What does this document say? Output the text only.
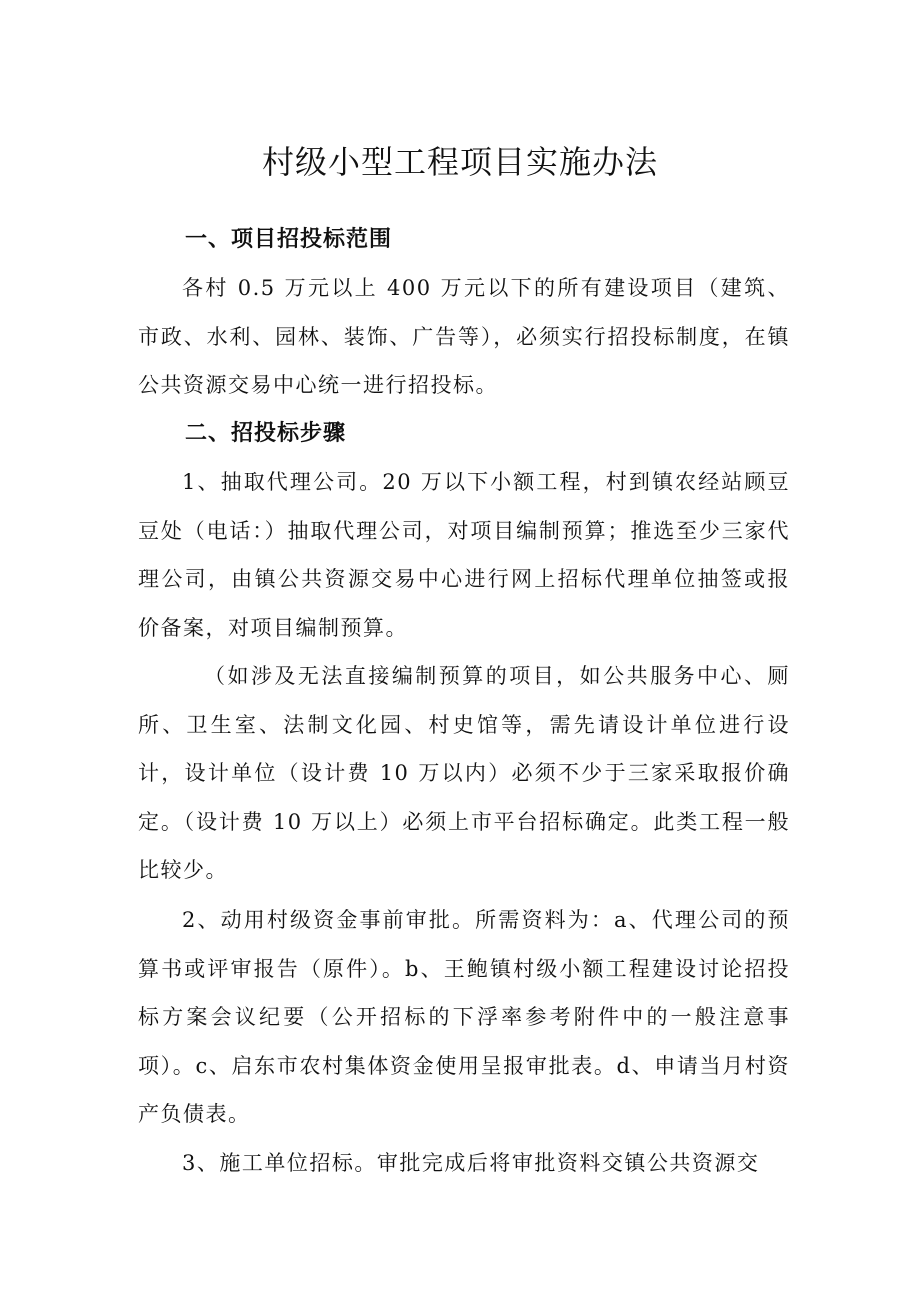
村级小型工程项目实施办法
一、项目招投标范围

各村 0.5 万元以上 400 万元以下的所有建设项目（建筑、市政、水利、园林、装饰、广告等），必须实行招投标制度，在镇公共资源交易中心统一进行招投标。

二、招投标步骤

1、抽取代理公司。20 万以下小额工程，村到镇农经站顾豆豆处（电话：）抽取代理公司，对项目编制预算；推选至少三家代理公司，由镇公共资源交易中心进行网上招标代理单位抽签或报价备案，对项目编制预算。

（如涉及无法直接编制预算的项目，如公共服务中心、厕所、卫生室、法制文化园、村史馆等，需先请设计单位进行设计，设计单位（设计费 10 万以内）必须不少于三家采取报价确定。（设计费 10 万以上）必须上市平台招标确定。此类工程一般比较少。

2、动用村级资金事前审批。所需资料为：a、代理公司的预算书或评审报告（原件）。b、王鲍镇村级小额工程建设讨论招投标方案会议纪要（公开招标的下浮率参考附件中的一般注意事项）。c、启东市农村集体资金使用呈报审批表。d、申请当月村资产负债表。

3、施工单位招标。审批完成后将审批资料交镇公共资源交
